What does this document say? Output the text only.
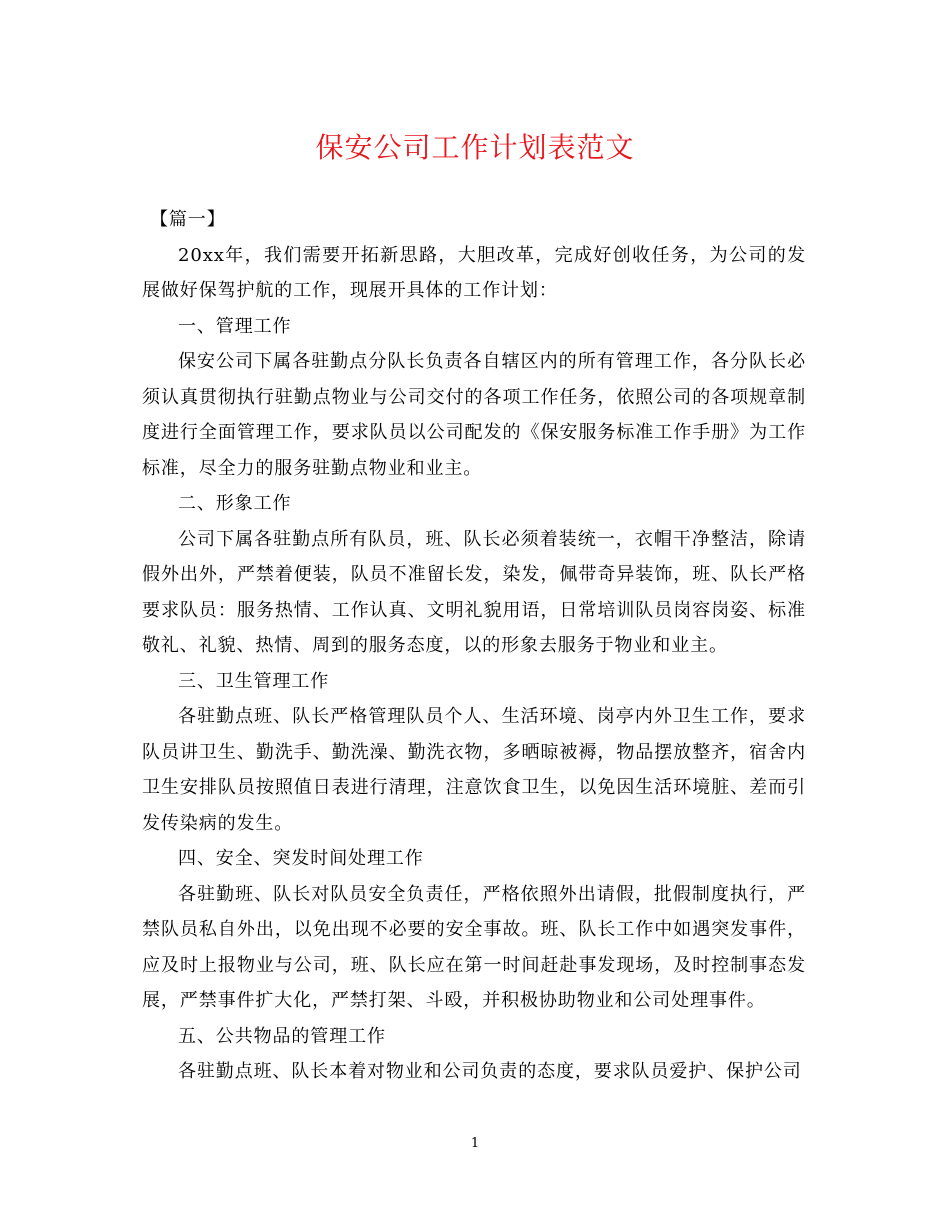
保安公司工作计划表范文

【篇一】

20xx年，我们需要开拓新思路，大胆改革，完成好创收任务，为公司的发展做好保驾护航的工作，现展开具体的工作计划：

一、管理工作

保安公司下属各驻勤点分队长负责各自辖区内的所有管理工作，各分队长必须认真贯彻执行驻勤点物业与公司交付的各项工作任务，依照公司的各项规章制度进行全面管理工作，要求队员以公司配发的《保安服务标准工作手册》为工作标准，尽全力的服务驻勤点物业和业主。

二、形象工作

公司下属各驻勤点所有队员，班、队长必须着装统一，衣帽干净整洁，除请假外出外，严禁着便装，队员不准留长发，染发，佩带奇异装饰，班、队长严格要求队员：服务热情、工作认真、文明礼貌用语，日常培训队员岗容岗姿、标准敬礼、礼貌、热情、周到的服务态度，以的形象去服务于物业和业主。

三、卫生管理工作

各驻勤点班、队长严格管理队员个人、生活环境、岗亭内外卫生工作，要求队员讲卫生、勤洗手、勤洗澡、勤洗衣物，多晒晾被褥，物品摆放整齐，宿舍内卫生安排队员按照值日表进行清理，注意饮食卫生，以免因生活环境脏、差而引发传染病的发生。

四、安全、突发时间处理工作

各驻勤班、队长对队员安全负责任，严格依照外出请假，批假制度执行，严禁队员私自外出，以免出现不必要的安全事故。班、队长工作中如遇突发事件，应及时上报物业与公司，班、队长应在第一时间赶赴事发现场，及时控制事态发展，严禁事件扩大化，严禁打架、斗殴，并积极协助物业和公司处理事件。

五、公共物品的管理工作

各驻勤点班、队长本着对物业和公司负责的态度，要求队员爱护、保护公司

1
